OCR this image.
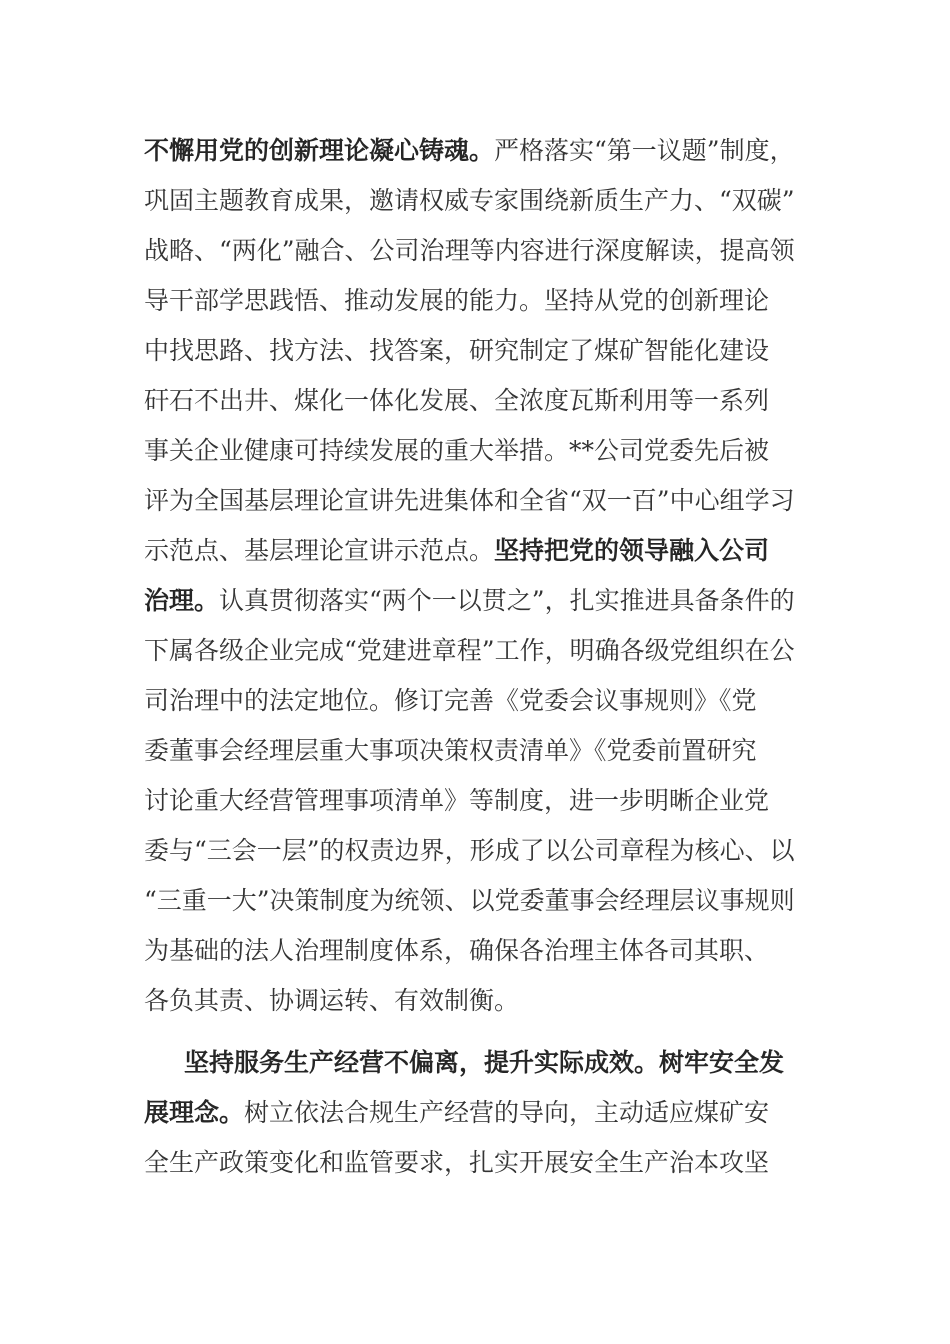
不懈用党的创新理论凝心铸魂。严格落实“第一议题”制度，
巩固主题教育成果，邀请权威专家围绕新质生产力、“双碳”
战略、“两化”融合、公司治理等内容进行深度解读，提高领
导干部学思践悟、推动发展的能力。坚持从党的创新理论
中找思路、找方法、找答案，研究制定了煤矿智能化建设
矸石不出井、煤化一体化发展、全浓度瓦斯利用等一系列
事关企业健康可持续发展的重大举措。**公司党委先后被
评为全国基层理论宣讲先进集体和全省“双一百”中心组学习
示范点、基层理论宣讲示范点。坚持把党的领导融入公司
治理。认真贯彻落实“两个一以贯之”，扎实推进具备条件的
下属各级企业完成“党建进章程”工作，明确各级党组织在公
司治理中的法定地位。修订完善《党委会议事规则》《党
委董事会经理层重大事项决策权责清单》《党委前置研究
讨论重大经营管理事项清单》等制度，进一步明晰企业党
委与“三会一层”的权责边界，形成了以公司章程为核心、以
“三重一大”决策制度为统领、以党委董事会经理层议事规则
为基础的法人治理制度体系，确保各治理主体各司其职、
各负其责、协调运转、有效制衡。
坚持服务生产经营不偏离，提升实际成效。树牢安全发
展理念。树立依法合规生产经营的导向，主动适应煤矿安
全生产政策变化和监管要求，扎实开展安全生产治本攻坚
